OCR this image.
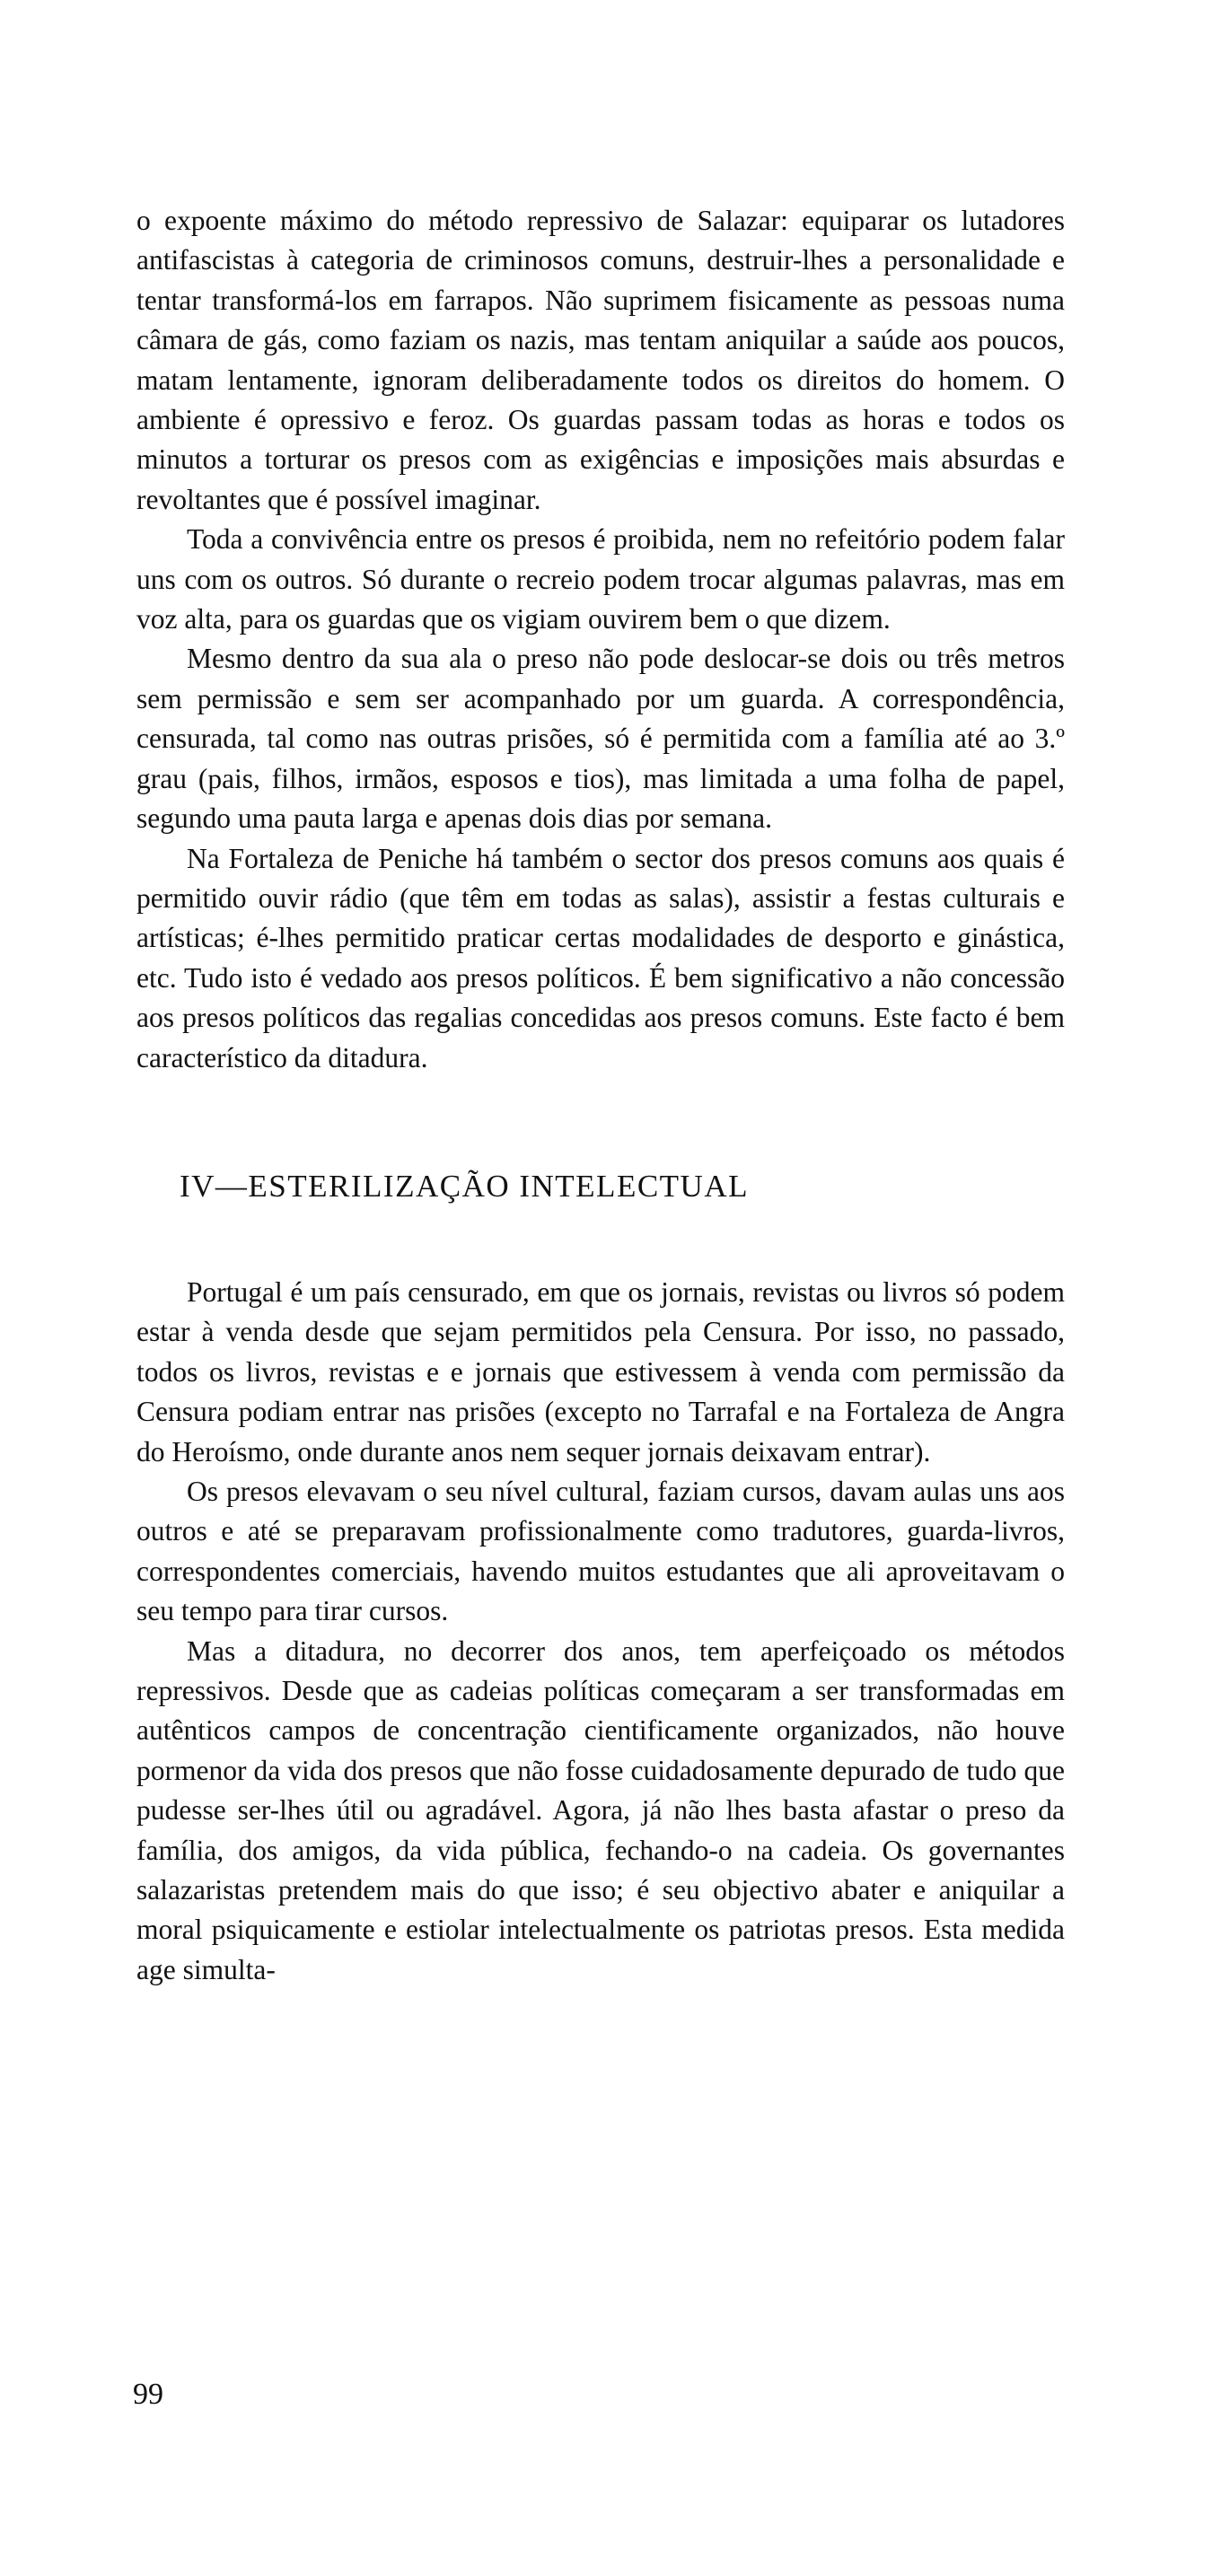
o expoente máximo do método repressivo de Salazar: equiparar os lutadores antifascistas à categoria de criminosos comuns, destruir-lhes a personalidade e tentar transformá-los em farrapos. Não suprimem fisicamente as pessoas numa câmara de gás, como faziam os nazis, mas tentam aniquilar a saúde aos poucos, matam lentamente, ignoram deliberadamente todos os direitos do homem. O ambiente é opressivo e feroz. Os guardas passam todas as horas e todos os minutos a torturar os presos com as exigências e imposições mais absurdas e revoltantes que é possível imaginar.

Toda a convivência entre os presos é proibida, nem no refeitório podem falar uns com os outros. Só durante o recreio podem trocar algumas palavras, mas em voz alta, para os guardas que os vigiam ouvirem bem o que dizem.

Mesmo dentro da sua ala o preso não pode deslocar-se dois ou três metros sem permissão e sem ser acompanhado por um guarda. A correspondência, censurada, tal como nas outras prisões, só é permitida com a família até ao 3.º grau (pais, filhos, irmãos, esposos e tios), mas limitada a uma folha de papel, segundo uma pauta larga e apenas dois dias por semana.

Na Fortaleza de Peniche há também o sector dos presos comuns aos quais é permitido ouvir rádio (que têm em todas as salas), assistir a festas culturais e artísticas; é-lhes permitido praticar certas modalidades de desporto e ginástica, etc. Tudo isto é vedado aos presos políticos. É bem significativo a não concessão aos presos políticos das regalias concedidas aos presos comuns. Este facto é bem característico da ditadura.

IV—ESTERILIZAÇÃO INTELECTUAL

Portugal é um país censurado, em que os jornais, revistas ou livros só podem estar à venda desde que sejam permitidos pela Censura. Por isso, no passado, todos os livros, revistas e e jornais que estivessem à venda com permissão da Censura podiam entrar nas prisões (excepto no Tarrafal e na Fortaleza de Angra do Heroísmo, onde durante anos nem sequer jornais deixavam entrar).

Os presos elevavam o seu nível cultural, faziam cursos, davam aulas uns aos outros e até se preparavam profissionalmente como tradutores, guarda-livros, correspondentes comerciais, havendo muitos estudantes que ali aproveitavam o seu tempo para tirar cursos.

Mas a ditadura, no decorrer dos anos, tem aperfeiçoado os métodos repressivos. Desde que as cadeias políticas começaram a ser transformadas em autênticos campos de concentração cientificamente organizados, não houve pormenor da vida dos presos que não fosse cuidadosamente depurado de tudo que pudesse ser-lhes útil ou agradável. Agora, já não lhes basta afastar o preso da família, dos amigos, da vida pública, fechando-o na cadeia. Os governantes salazaristas pretendem mais do que isso; é seu objectivo abater e aniquilar a moral psiquicamente e estiolar intelectualmente os patriotas presos. Esta medida age simulta-

99
